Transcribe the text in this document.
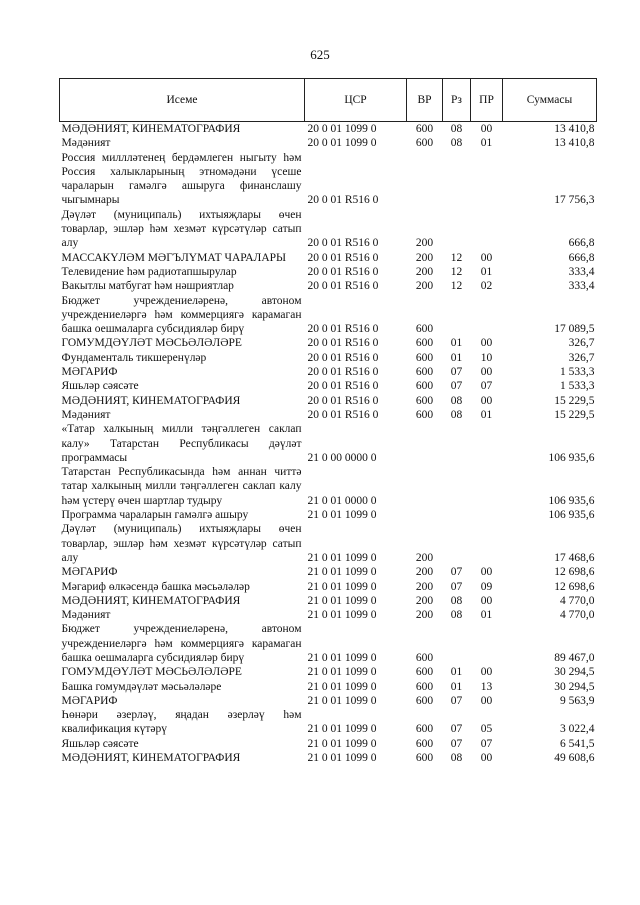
625
Исеме	ЦСР	ВР	Рз	ПР	Суммасы
МӘДӘНИЯТ, КИНЕМАТОГРАФИЯ	20 0 01 1099 0	600	08	00	13 410,8
Мәдәният	20 0 01 1099 0	600	08	01	13 410,8
Россия миллләтенең бердәмлеген ныгыту һәм Россия халыкларының этномәдәни үсеше чараларын гамәлгә ашыруга финанслашу чыгымнары	20 0 01 R516 0				17 756,3
Дәүләт (муниципаль) ихтыяҗлары өчен товарлар, эшләр һәм хезмәт күрсәтүләр сатып алу	20 0 01 R516 0	200			666,8
МАССАКҮЛӘМ МӘГЪЛҮМАТ ЧАРАЛАРЫ	20 0 01 R516 0	200	12	00	666,8
Телевидение һәм радиотапшырулар	20 0 01 R516 0	200	12	01	333,4
Вакытлы матбугат һәм нәшриятлар	20 0 01 R516 0	200	12	02	333,4
Бюджет учреждениеләренә, автоном учреждениеләргә һәм коммерциягә карамаган башка оешмаларга субсидияләр бирү	20 0 01 R516 0	600			17 089,5
ГОМУМДӘҮЛӘТ МӘСЬӘЛӘЛӘРЕ	20 0 01 R516 0	600	01	00	326,7
Фундаменталь тикшеренүләр	20 0 01 R516 0	600	01	10	326,7
МӘГАРИФ	20 0 01 R516 0	600	07	00	1 533,3
Яшьләр сәясәте	20 0 01 R516 0	600	07	07	1 533,3
МӘДӘНИЯТ, КИНЕМАТОГРАФИЯ	20 0 01 R516 0	600	08	00	15 229,5
Мәдәният	20 0 01 R516 0	600	08	01	15 229,5
«Татар халкының милли тәңгәллеген саклап калу» Татарстан Республикасы дәүләт программасы	21 0 00 0000 0				106 935,6
Татарстан Республикасында һәм аннан читтә татар халкының милли тәңгәллеген саклап калу һәм үстерү өчен шартлар тудыру	21 0 01 0000 0				106 935,6
Программа чараларын гамәлгә ашыру	21 0 01 1099 0				106 935,6
Дәүләт (муниципаль) ихтыяҗлары өчен товарлар, эшләр һәм хезмәт күрсәтүләр сатып алу	21 0 01 1099 0	200			17 468,6
МӘГАРИФ	21 0 01 1099 0	200	07	00	12 698,6
Мәгариф өлкәсендә башка мәсьәләләр	21 0 01 1099 0	200	07	09	12 698,6
МӘДӘНИЯТ, КИНЕМАТОГРАФИЯ	21 0 01 1099 0	200	08	00	4 770,0
Мәдәният	21 0 01 1099 0	200	08	01	4 770,0
Бюджет учреждениеләренә, автоном учреждениеләргә һәм коммерциягә карамаган башка оешмаларга субсидияләр бирү	21 0 01 1099 0	600			89 467,0
ГОМУМДӘҮЛӘТ МӘСЬӘЛӘЛӘРЕ	21 0 01 1099 0	600	01	00	30 294,5
Башка гомумдәүләт мәсьәләләре	21 0 01 1099 0	600	01	13	30 294,5
МӘГАРИФ	21 0 01 1099 0	600	07	00	9 563,9
Һөнәри әзерләү, яңадан әзерләү һәм квалификация күтәрү	21 0 01 1099 0	600	07	05	3 022,4
Яшьләр сәясәте	21 0 01 1099 0	600	07	07	6 541,5
МӘДӘНИЯТ, КИНЕМАТОГРАФИЯ	21 0 01 1099 0	600	08	00	49 608,6
